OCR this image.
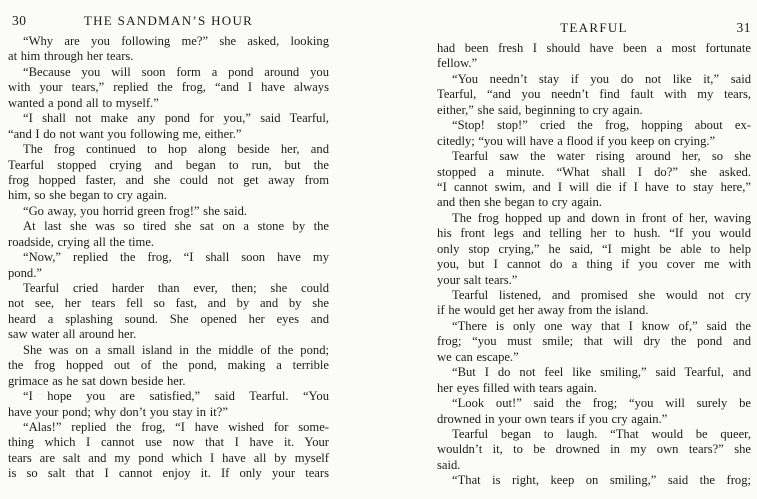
30	THE SANDMAN’S HOUR
“Why are you following me?” she asked, looking
at him through her tears.
“Because you will soon form a pond around you
with your tears,” replied the frog, “and I have always
wanted a pond all to myself.”
“I shall not make any pond for you,” said Tearful,
“and I do not want you following me, either.”
The frog continued to hop along beside her, and
Tearful stopped crying and began to run, but the
frog hopped faster, and she could not get away from
him, so she began to cry again.
“Go away, you horrid green frog!” she said.
At last she was so tired she sat on a stone by the
roadside, crying all the time.
“Now,” replied the frog, “I shall soon have my
pond.”
Tearful cried harder than ever, then; she could
not see, her tears fell so fast, and by and by she
heard a splashing sound. She opened her eyes and
saw water all around her.
She was on a small island in the middle of the pond;
the frog hopped out of the pond, making a terrible
grimace as he sat down beside her.
“I hope you are satisfied,” said Tearful. “You
have your pond; why don’t you stay in it?”
“Alas!” replied the frog, “I have wished for some-
thing which I cannot use now that I have it. Your
tears are salt and my pond which I have all by myself
is so salt that I cannot enjoy it. If only your tears
TEARFUL	31
had been fresh I should have been a most fortunate
fellow.”
“You needn’t stay if you do not like it,” said
Tearful, “and you needn’t find fault with my tears,
either,” she said, beginning to cry again.
“Stop! stop!” cried the frog, hopping about ex-
citedly; “you will have a flood if you keep on crying.”
Tearful saw the water rising around her, so she
stopped a minute. “What shall I do?” she asked.
“I cannot swim, and I will die if I have to stay here,”
and then she began to cry again.
The frog hopped up and down in front of her, waving
his front legs and telling her to hush. “If you would
only stop crying,” he said, “I might be able to help
you, but I cannot do a thing if you cover me with
your salt tears.”
Tearful listened, and promised she would not cry
if he would get her away from the island.
“There is only one way that I know of,” said the
frog; “you must smile; that will dry the pond and
we can escape.”
“But I do not feel like smiling,” said Tearful, and
her eyes filled with tears again.
“Look out!” said the frog; “you will surely be
drowned in your own tears if you cry again.”
Tearful began to laugh. “That would be queer,
wouldn’t it, to be drowned in my own tears?” she
said.
“That is right, keep on smiling,” said the frog;
